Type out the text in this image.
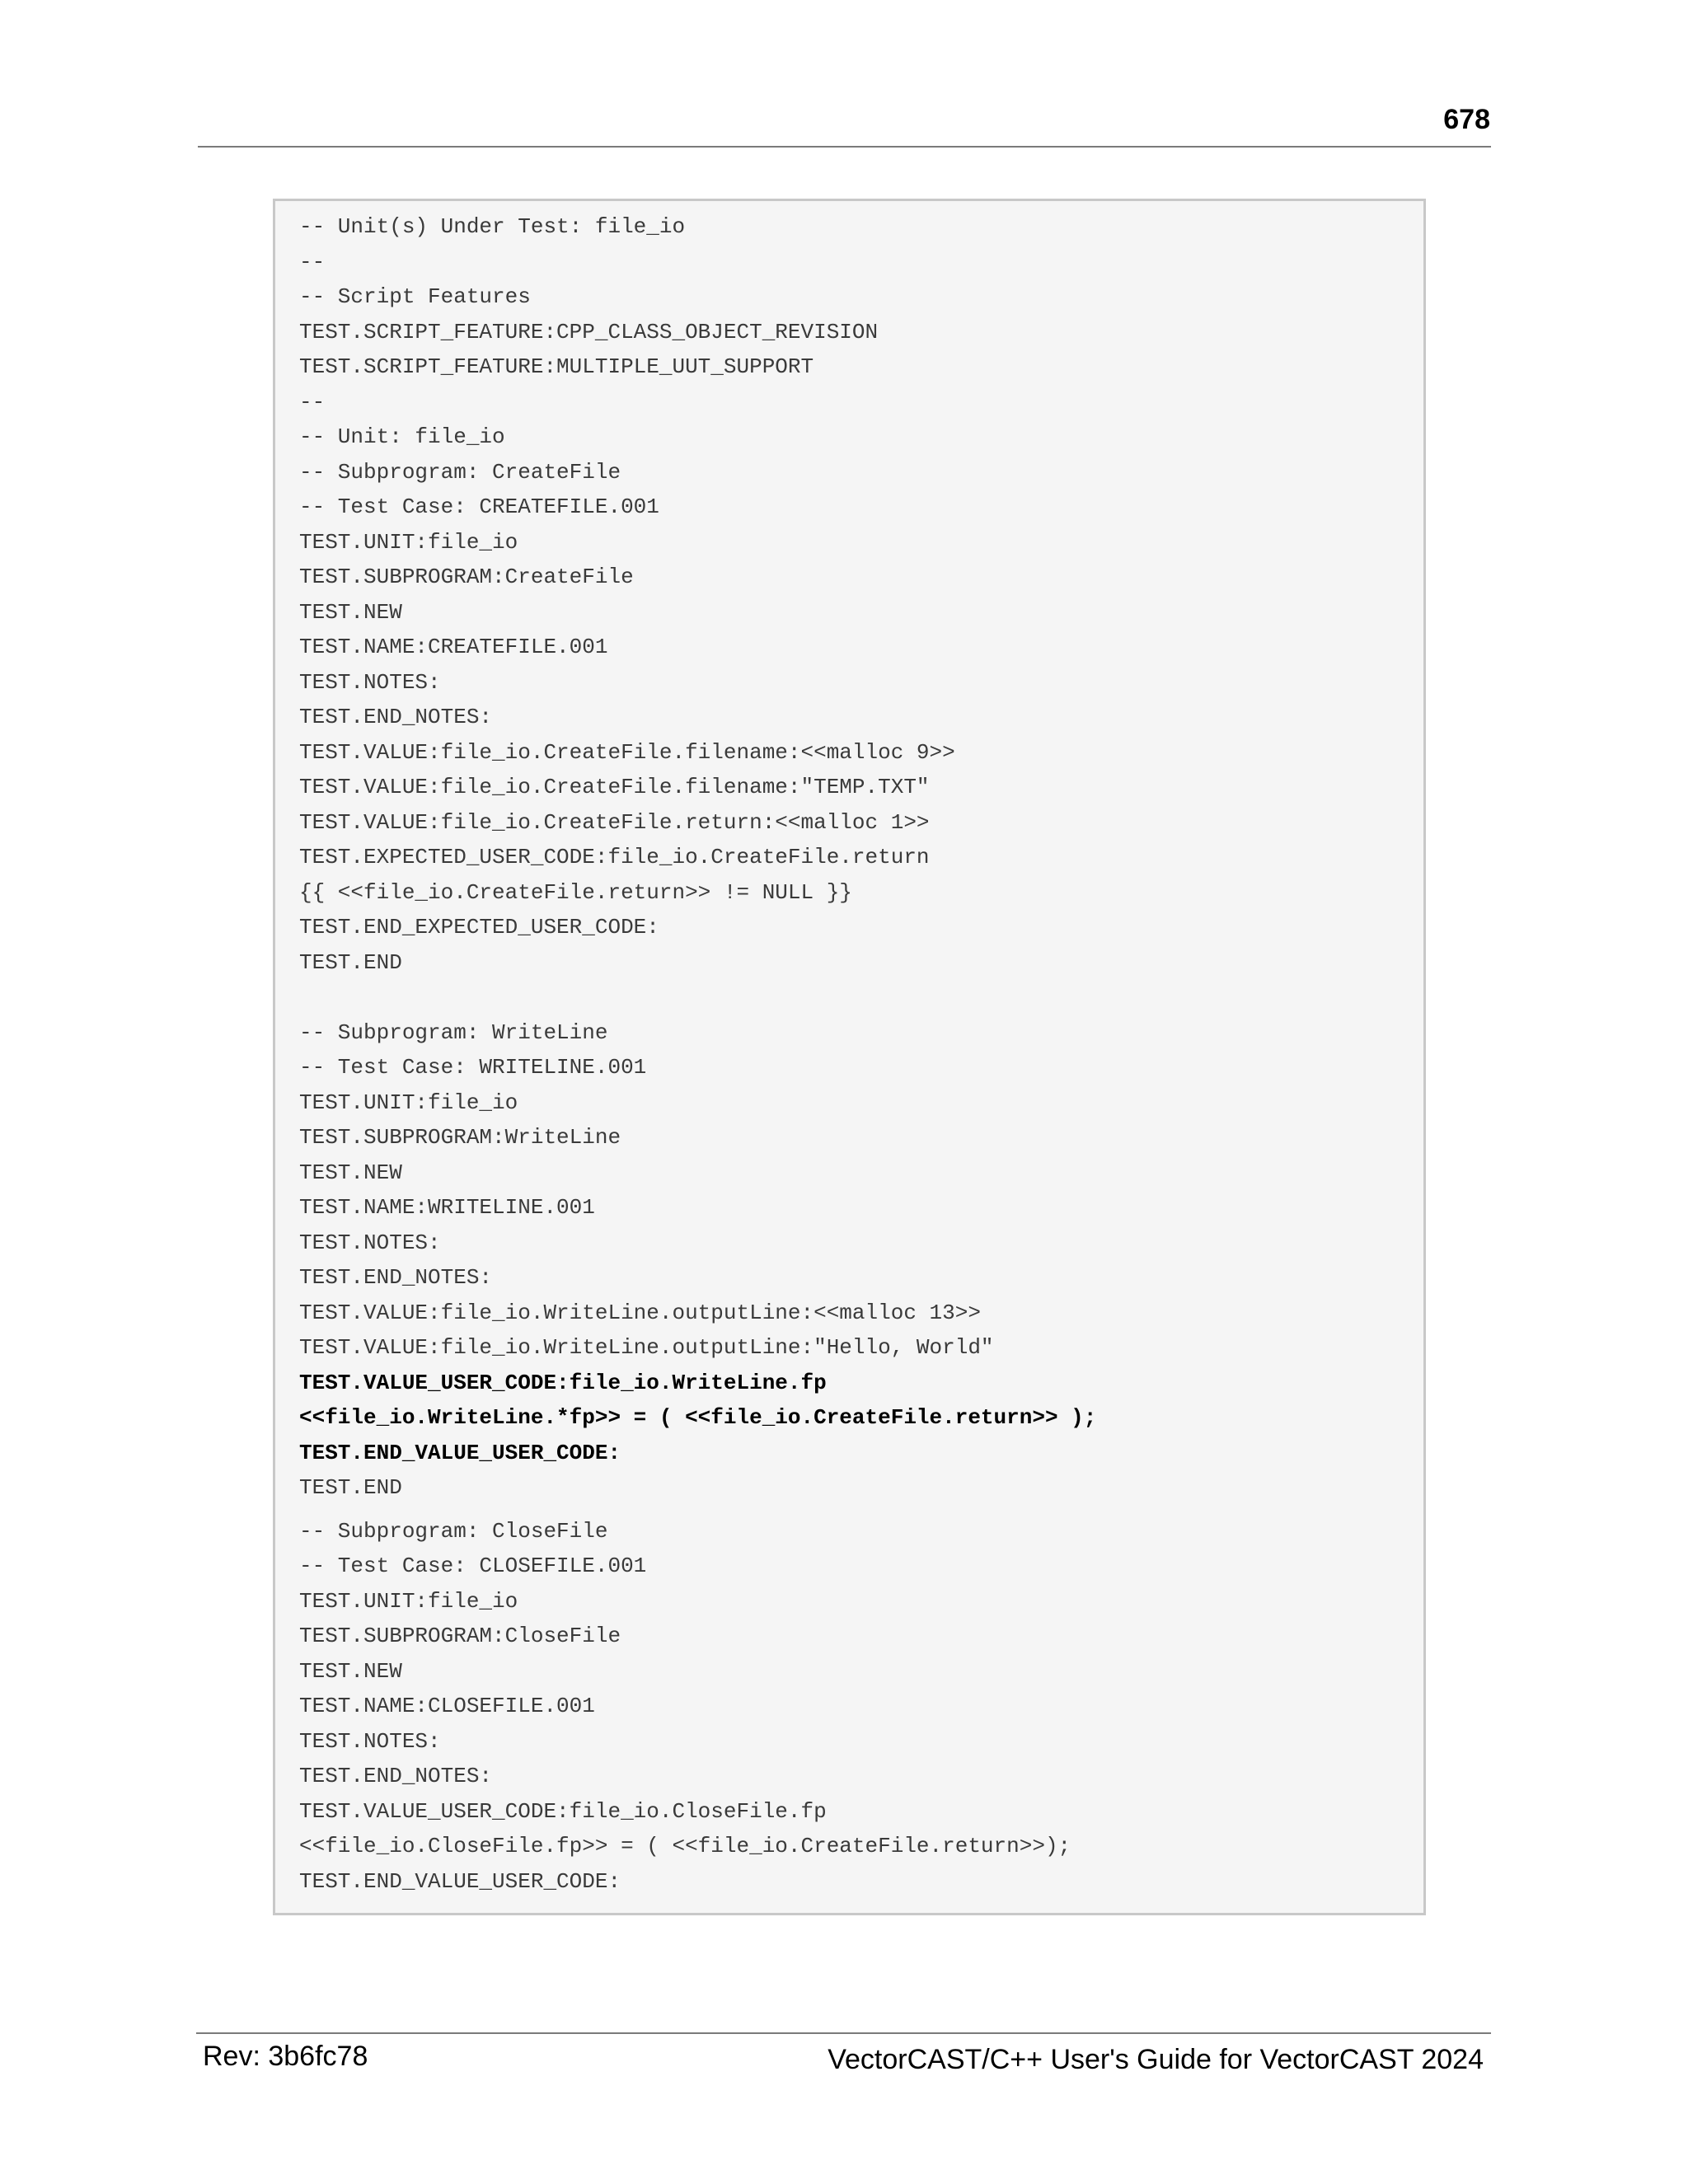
678
-- Unit(s) Under Test: file_io
--
-- Script Features
TEST.SCRIPT_FEATURE:CPP_CLASS_OBJECT_REVISION
TEST.SCRIPT_FEATURE:MULTIPLE_UUT_SUPPORT
--
-- Unit: file_io
-- Subprogram: CreateFile
-- Test Case: CREATEFILE.001
TEST.UNIT:file_io
TEST.SUBPROGRAM:CreateFile
TEST.NEW
TEST.NAME:CREATEFILE.001
TEST.NOTES:
TEST.END_NOTES:
TEST.VALUE:file_io.CreateFile.filename:<<malloc 9>>
TEST.VALUE:file_io.CreateFile.filename:"TEMP.TXT"
TEST.VALUE:file_io.CreateFile.return:<<malloc 1>>
TEST.EXPECTED_USER_CODE:file_io.CreateFile.return
{{ <<file_io.CreateFile.return>> != NULL }}
TEST.END_EXPECTED_USER_CODE:
TEST.END
-- Subprogram: WriteLine
-- Test Case: WRITELINE.001
TEST.UNIT:file_io
TEST.SUBPROGRAM:WriteLine
TEST.NEW
TEST.NAME:WRITELINE.001
TEST.NOTES:
TEST.END_NOTES:
TEST.VALUE:file_io.WriteLine.outputLine:<<malloc 13>>
TEST.VALUE:file_io.WriteLine.outputLine:"Hello, World"
TEST.VALUE_USER_CODE:file_io.WriteLine.fp
<<file_io.WriteLine.*fp>> = ( <<file_io.CreateFile.return>> );
TEST.END_VALUE_USER_CODE:
TEST.END
-- Subprogram: CloseFile
-- Test Case: CLOSEFILE.001
TEST.UNIT:file_io
TEST.SUBPROGRAM:CloseFile
TEST.NEW
TEST.NAME:CLOSEFILE.001
TEST.NOTES:
TEST.END_NOTES:
TEST.VALUE_USER_CODE:file_io.CloseFile.fp
<<file_io.CloseFile.fp>> = ( <<file_io.CreateFile.return>>);
TEST.END_VALUE_USER_CODE:
Rev: 3b6fc78	VectorCAST/C++ User's Guide for VectorCAST 2024
